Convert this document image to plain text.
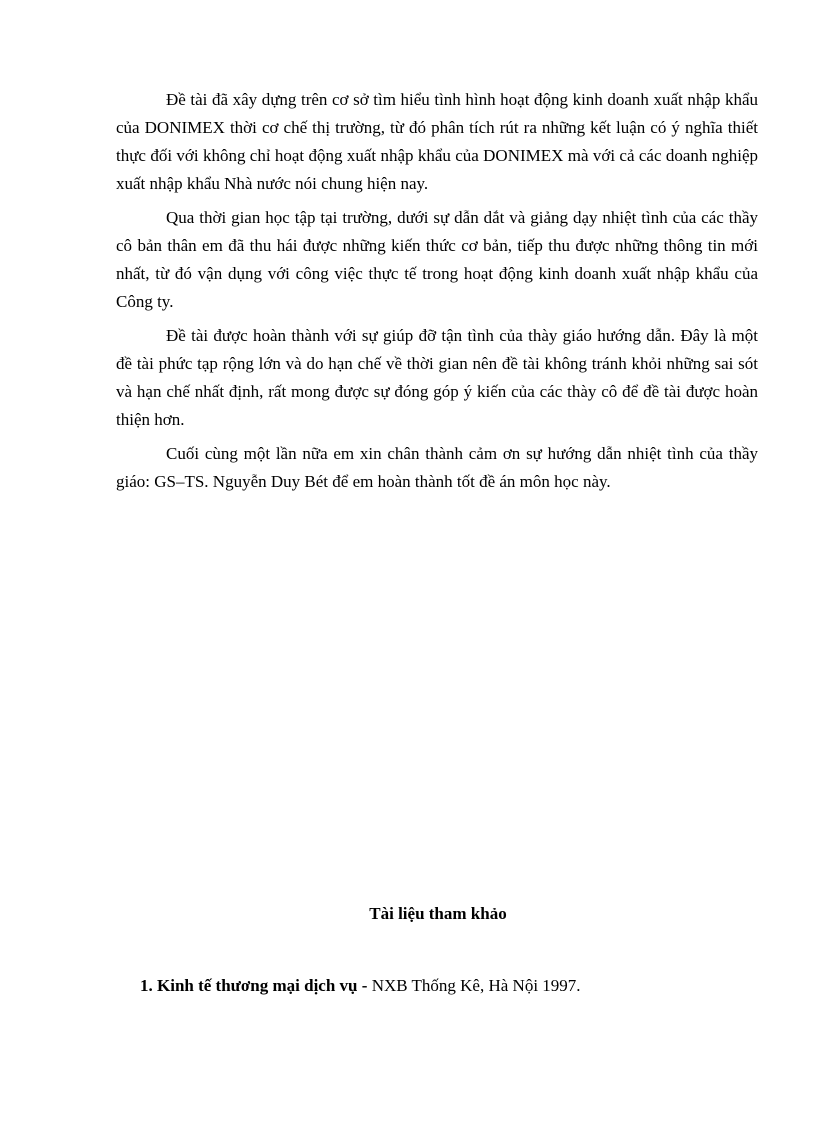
Đề tài đã xây dựng trên cơ sở tìm hiểu tình hình hoạt động kinh doanh xuất nhập khẩu của DONIMEX thời cơ chế thị trường, từ đó phân tích rút ra những kết luận có ý nghĩa thiết thực đối với không chỉ hoạt động xuất nhập khẩu của DONIMEX mà với cả các doanh nghiệp xuất nhập khẩu Nhà nước nói chung hiện nay.

Qua thời gian học tập tại trường, dưới sự dẫn dắt và giảng dạy nhiệt tình của các thầy cô bản thân em đã thu hái được những kiến thức cơ bản, tiếp thu được những thông tin mới nhất, từ đó vận dụng với công việc thực tế trong hoạt động kinh doanh xuất nhập khẩu của Công ty.

Đề tài được hoàn thành với sự giúp đỡ tận tình của thày giáo hướng dẫn. Đây là một đề tài phức tạp rộng lớn và do hạn chế về thời gian nên đề tài không tránh khỏi những sai sót và hạn chế nhất định, rất mong được sự đóng góp ý kiến của các thày cô để đề tài được hoàn thiện hơn.

Cuối cùng một lần nữa em xin chân thành cảm ơn sự hướng dẫn nhiệt tình của thầy giáo: GS–TS. Nguyễn Duy Bét để em hoàn thành tốt đề án môn học này.

Tài liệu tham khảo

1. Kinh tế thương mại dịch vụ - NXB Thống Kê, Hà Nội 1997.
